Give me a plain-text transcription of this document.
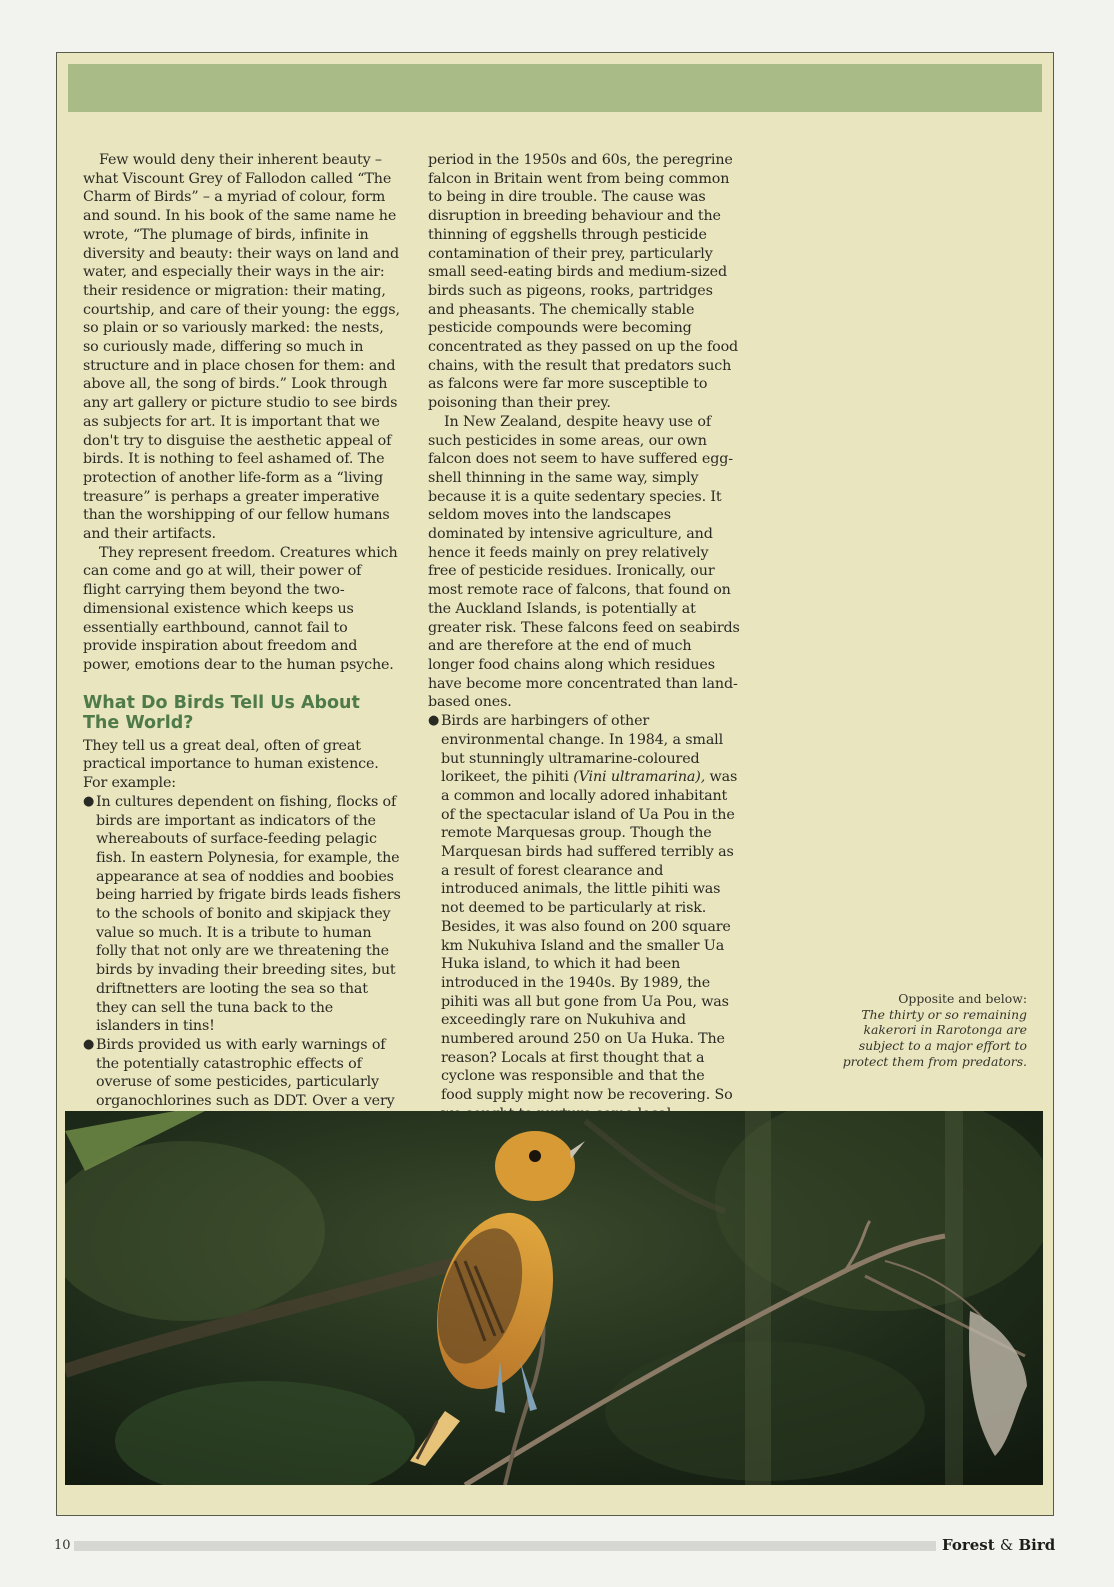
Few would deny their inherent beauty – what Viscount Grey of Fallodon called “The Charm of Birds” – a myriad of colour, form and sound. In his book of the same name he wrote, “The plumage of birds, infinite in diversity and beauty: their ways on land and water, and especially their ways in the air: their residence or migration: their mating, courtship, and care of their young: the eggs, so plain or so variously marked: the nests, so curiously made, differing so much in structure and in place chosen for them: and above all, the song of birds.” Look through any art gallery or picture studio to see birds as subjects for art. It is important that we don't try to disguise the aesthetic appeal of birds. It is nothing to feel ashamed of. The protection of another life-form as a “living treasure” is perhaps a greater imperative than the worshipping of our fellow humans and their artifacts.

They represent freedom. Creatures which can come and go at will, their power of flight carrying them beyond the two-dimensional existence which keeps us essentially earthbound, cannot fail to provide inspiration about freedom and power, emotions dear to the human psyche.

What Do Birds Tell Us About The World?

They tell us a great deal, often of great practical importance to human existence. For example:

● In cultures dependent on fishing, flocks of birds are important as indicators of the whereabouts of surface-feeding pelagic fish. In eastern Polynesia, for example, the appearance at sea of noddies and boobies being harried by frigate birds leads fishers to the schools of bonito and skipjack they value so much. It is a tribute to human folly that not only are we threatening the birds by invading their breeding sites, but driftnetters are looting the sea so that they can sell the tuna back to the islanders in tins!
● Birds provided us with early warnings of the potentially catastrophic effects of overuse of some pesticides, particularly organochlorines such as DDT. Over a very

period in the 1950s and 60s, the peregrine falcon in Britain went from being common to being in dire trouble. The cause was disruption in breeding behaviour and the thinning of eggshells through pesticide contamination of their prey, particularly small seed-eating birds and medium-sized birds such as pigeons, rooks, partridges and pheasants. The chemically stable pesticide compounds were becoming concentrated as they passed on up the food chains, with the result that predators such as falcons were far more susceptible to poisoning than their prey.

In New Zealand, despite heavy use of such pesticides in some areas, our own falcon does not seem to have suffered egg-shell thinning in the same way, simply because it is a quite sedentary species. It seldom moves into the landscapes dominated by intensive agriculture, and hence it feeds mainly on prey relatively free of pesticide residues. Ironically, our most remote race of falcons, that found on the Auckland Islands, is potentially at greater risk. These falcons feed on seabirds and are therefore at the end of much longer food chains along which residues have become more concentrated than land-based ones.

● Birds are harbingers of other environmental change. In 1984, a small but stunningly ultramarine-coloured lorikeet, the pihiti (Vini ultramarina), was a common and locally adored inhabitant of the spectacular island of Ua Pou in the remote Marquesas group. Though the Marquesan birds had suffered terribly as a result of forest clearance and introduced animals, the little pihiti was not deemed to be particularly at risk. Besides, it was also found on 200 square km Nukuhiva Island and the smaller Ua Huka island, to which it had been introduced in the 1940s. By 1989, the pihiti was all but gone from Ua Pou, was exceedingly rare on Nukuhiva and numbered around 250 on Ua Huka. The reason? Locals at first thought that a cyclone was responsible and that the food supply might now be recovering. So
Opposite and below:
The thirty or so remaining kakerori in Rarotonga are subject to a major effort to protect them from predators.
10	Forest & Bird
